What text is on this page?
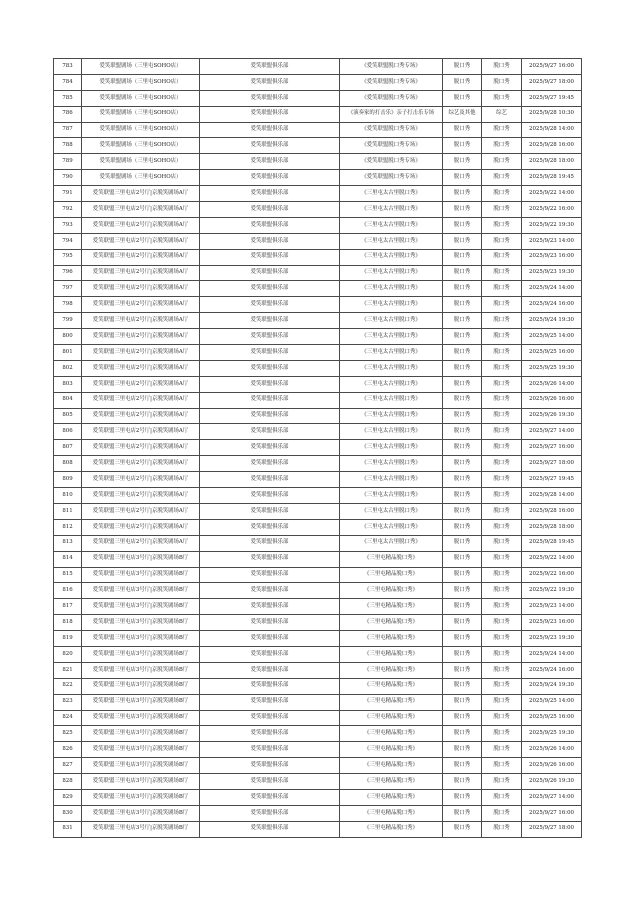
783	爱笑联盟剧场（三里屯SOHO店）	爱笑联盟俱乐部	《爱笑联盟脱口秀专场》	脱口秀	脱口秀	2025/9/27 16:00
784	爱笑联盟剧场（三里屯SOHO店）	爱笑联盟俱乐部	《爱笑联盟脱口秀专场》	脱口秀	脱口秀	2025/9/27 18:00
785	爱笑联盟剧场（三里屯SOHO店）	爱笑联盟俱乐部	《爱笑联盟脱口秀专场》	脱口秀	脱口秀	2025/9/27 19:45
786	爱笑联盟剧场（三里屯SOHO店）	爱笑联盟俱乐部	《演奏家的打击乐》亲子打击乐专场	综艺及其他	综艺	2025/9/28 10:30
787	爱笑联盟剧场（三里屯SOHO店）	爱笑联盟俱乐部	《爱笑联盟脱口秀专场》	脱口秀	脱口秀	2025/9/28 14:00
788	爱笑联盟剧场（三里屯SOHO店）	爱笑联盟俱乐部	《爱笑联盟脱口秀专场》	脱口秀	脱口秀	2025/9/28 16:00
789	爱笑联盟剧场（三里屯SOHO店）	爱笑联盟俱乐部	《爱笑联盟脱口秀专场》	脱口秀	脱口秀	2025/9/28 18:00
790	爱笑联盟剧场（三里屯SOHO店）	爱笑联盟俱乐部	《爱笑联盟脱口秀专场》	脱口秀	脱口秀	2025/9/28 19:45
791	爱笑联盟三里屯店2号厅|京脱笑剧场A厅	爱笑联盟俱乐部	《三里屯太古里脱口秀》	脱口秀	脱口秀	2025/9/22 14:00
792	爱笑联盟三里屯店2号厅|京脱笑剧场A厅	爱笑联盟俱乐部	《三里屯太古里脱口秀》	脱口秀	脱口秀	2025/9/22 16:00
793	爱笑联盟三里屯店2号厅|京脱笑剧场A厅	爱笑联盟俱乐部	《三里屯太古里脱口秀》	脱口秀	脱口秀	2025/9/22 19:30
794	爱笑联盟三里屯店2号厅|京脱笑剧场A厅	爱笑联盟俱乐部	《三里屯太古里脱口秀》	脱口秀	脱口秀	2025/9/23 14:00
795	爱笑联盟三里屯店2号厅|京脱笑剧场A厅	爱笑联盟俱乐部	《三里屯太古里脱口秀》	脱口秀	脱口秀	2025/9/23 16:00
796	爱笑联盟三里屯店2号厅|京脱笑剧场A厅	爱笑联盟俱乐部	《三里屯太古里脱口秀》	脱口秀	脱口秀	2025/9/23 19:30
797	爱笑联盟三里屯店2号厅|京脱笑剧场A厅	爱笑联盟俱乐部	《三里屯太古里脱口秀》	脱口秀	脱口秀	2025/9/24 14:00
798	爱笑联盟三里屯店2号厅|京脱笑剧场A厅	爱笑联盟俱乐部	《三里屯太古里脱口秀》	脱口秀	脱口秀	2025/9/24 16:00
799	爱笑联盟三里屯店2号厅|京脱笑剧场A厅	爱笑联盟俱乐部	《三里屯太古里脱口秀》	脱口秀	脱口秀	2025/9/24 19:30
800	爱笑联盟三里屯店2号厅|京脱笑剧场A厅	爱笑联盟俱乐部	《三里屯太古里脱口秀》	脱口秀	脱口秀	2025/9/25 14:00
801	爱笑联盟三里屯店2号厅|京脱笑剧场A厅	爱笑联盟俱乐部	《三里屯太古里脱口秀》	脱口秀	脱口秀	2025/9/25 16:00
802	爱笑联盟三里屯店2号厅|京脱笑剧场A厅	爱笑联盟俱乐部	《三里屯太古里脱口秀》	脱口秀	脱口秀	2025/9/25 19:30
803	爱笑联盟三里屯店2号厅|京脱笑剧场A厅	爱笑联盟俱乐部	《三里屯太古里脱口秀》	脱口秀	脱口秀	2025/9/26 14:00
804	爱笑联盟三里屯店2号厅|京脱笑剧场A厅	爱笑联盟俱乐部	《三里屯太古里脱口秀》	脱口秀	脱口秀	2025/9/26 16:00
805	爱笑联盟三里屯店2号厅|京脱笑剧场A厅	爱笑联盟俱乐部	《三里屯太古里脱口秀》	脱口秀	脱口秀	2025/9/26 19:30
806	爱笑联盟三里屯店2号厅|京脱笑剧场A厅	爱笑联盟俱乐部	《三里屯太古里脱口秀》	脱口秀	脱口秀	2025/9/27 14:00
807	爱笑联盟三里屯店2号厅|京脱笑剧场A厅	爱笑联盟俱乐部	《三里屯太古里脱口秀》	脱口秀	脱口秀	2025/9/27 16:00
808	爱笑联盟三里屯店2号厅|京脱笑剧场A厅	爱笑联盟俱乐部	《三里屯太古里脱口秀》	脱口秀	脱口秀	2025/9/27 18:00
809	爱笑联盟三里屯店2号厅|京脱笑剧场A厅	爱笑联盟俱乐部	《三里屯太古里脱口秀》	脱口秀	脱口秀	2025/9/27 19:45
810	爱笑联盟三里屯店2号厅|京脱笑剧场A厅	爱笑联盟俱乐部	《三里屯太古里脱口秀》	脱口秀	脱口秀	2025/9/28 14:00
811	爱笑联盟三里屯店2号厅|京脱笑剧场A厅	爱笑联盟俱乐部	《三里屯太古里脱口秀》	脱口秀	脱口秀	2025/9/28 16:00
812	爱笑联盟三里屯店2号厅|京脱笑剧场A厅	爱笑联盟俱乐部	《三里屯太古里脱口秀》	脱口秀	脱口秀	2025/9/28 18:00
813	爱笑联盟三里屯店2号厅|京脱笑剧场A厅	爱笑联盟俱乐部	《三里屯太古里脱口秀》	脱口秀	脱口秀	2025/9/28 19:45
814	爱笑联盟三里屯店3号厅|京脱笑剧场B厅	爱笑联盟俱乐部	《三里屯精品脱口秀》	脱口秀	脱口秀	2025/9/22 14:00
815	爱笑联盟三里屯店3号厅|京脱笑剧场B厅	爱笑联盟俱乐部	《三里屯精品脱口秀》	脱口秀	脱口秀	2025/9/22 16:00
816	爱笑联盟三里屯店3号厅|京脱笑剧场B厅	爱笑联盟俱乐部	《三里屯精品脱口秀》	脱口秀	脱口秀	2025/9/22 19:30
817	爱笑联盟三里屯店3号厅|京脱笑剧场B厅	爱笑联盟俱乐部	《三里屯精品脱口秀》	脱口秀	脱口秀	2025/9/23 14:00
818	爱笑联盟三里屯店3号厅|京脱笑剧场B厅	爱笑联盟俱乐部	《三里屯精品脱口秀》	脱口秀	脱口秀	2025/9/23 16:00
819	爱笑联盟三里屯店3号厅|京脱笑剧场B厅	爱笑联盟俱乐部	《三里屯精品脱口秀》	脱口秀	脱口秀	2025/9/23 19:30
820	爱笑联盟三里屯店3号厅|京脱笑剧场B厅	爱笑联盟俱乐部	《三里屯精品脱口秀》	脱口秀	脱口秀	2025/9/24 14:00
821	爱笑联盟三里屯店3号厅|京脱笑剧场B厅	爱笑联盟俱乐部	《三里屯精品脱口秀》	脱口秀	脱口秀	2025/9/24 16:00
822	爱笑联盟三里屯店3号厅|京脱笑剧场B厅	爱笑联盟俱乐部	《三里屯精品脱口秀》	脱口秀	脱口秀	2025/9/24 19:30
823	爱笑联盟三里屯店3号厅|京脱笑剧场B厅	爱笑联盟俱乐部	《三里屯精品脱口秀》	脱口秀	脱口秀	2025/9/25 14:00
824	爱笑联盟三里屯店3号厅|京脱笑剧场B厅	爱笑联盟俱乐部	《三里屯精品脱口秀》	脱口秀	脱口秀	2025/9/25 16:00
825	爱笑联盟三里屯店3号厅|京脱笑剧场B厅	爱笑联盟俱乐部	《三里屯精品脱口秀》	脱口秀	脱口秀	2025/9/25 19:30
826	爱笑联盟三里屯店3号厅|京脱笑剧场B厅	爱笑联盟俱乐部	《三里屯精品脱口秀》	脱口秀	脱口秀	2025/9/26 14:00
827	爱笑联盟三里屯店3号厅|京脱笑剧场B厅	爱笑联盟俱乐部	《三里屯精品脱口秀》	脱口秀	脱口秀	2025/9/26 16:00
828	爱笑联盟三里屯店3号厅|京脱笑剧场B厅	爱笑联盟俱乐部	《三里屯精品脱口秀》	脱口秀	脱口秀	2025/9/26 19:30
829	爱笑联盟三里屯店3号厅|京脱笑剧场B厅	爱笑联盟俱乐部	《三里屯精品脱口秀》	脱口秀	脱口秀	2025/9/27 14:00
830	爱笑联盟三里屯店3号厅|京脱笑剧场B厅	爱笑联盟俱乐部	《三里屯精品脱口秀》	脱口秀	脱口秀	2025/9/27 16:00
831	爱笑联盟三里屯店3号厅|京脱笑剧场B厅	爱笑联盟俱乐部	《三里屯精品脱口秀》	脱口秀	脱口秀	2025/9/27 18:00
